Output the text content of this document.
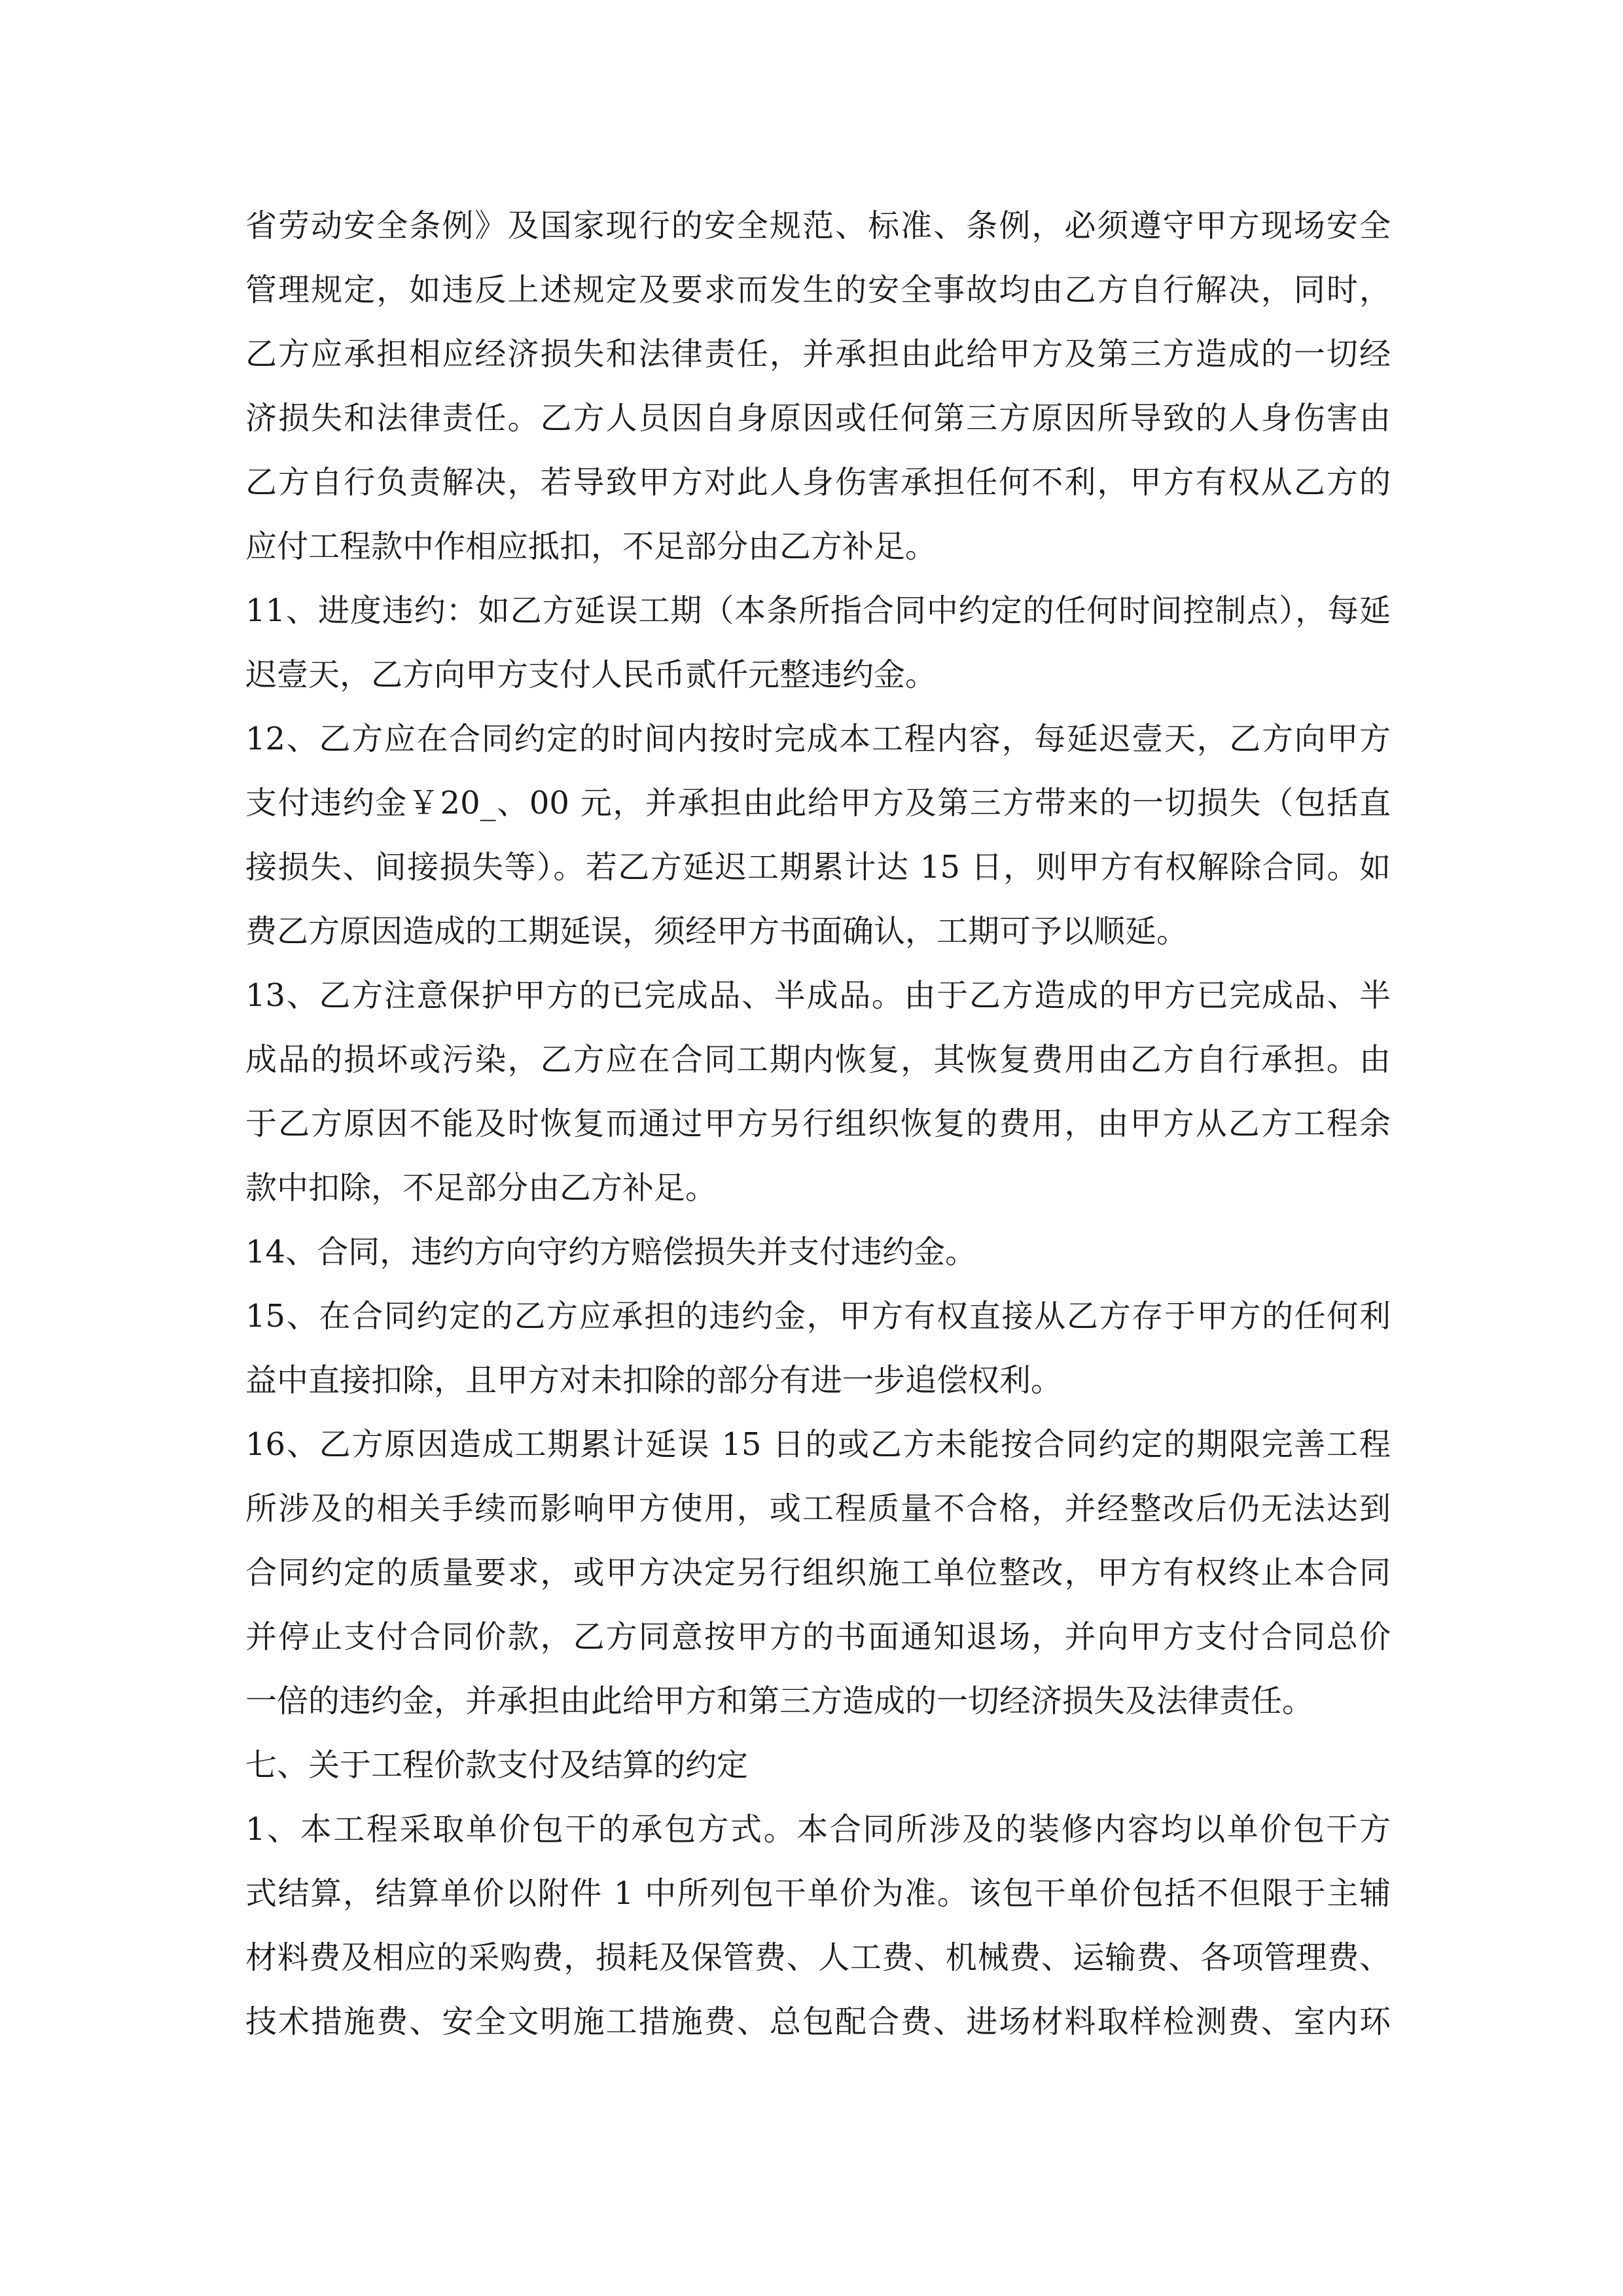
省劳动安全条例》及国家现行的安全规范、标准、条例，必须遵守甲方现场安全
管理规定，如违反上述规定及要求而发生的安全事故均由乙方自行解决，同时，
乙方应承担相应经济损失和法律责任，并承担由此给甲方及第三方造成的一切经
济损失和法律责任。乙方人员因自身原因或任何第三方原因所导致的人身伤害由
乙方自行负责解决，若导致甲方对此人身伤害承担任何不利，甲方有权从乙方的
应付工程款中作相应抵扣，不足部分由乙方补足。
11、进度违约：如乙方延误工期（本条所指合同中约定的任何时间控制点），每延
迟壹天，乙方向甲方支付人民币贰仟元整违约金。
12、乙方应在合同约定的时间内按时完成本工程内容，每延迟壹天，乙方向甲方
支付违约金￥20_、00 元，并承担由此给甲方及第三方带来的一切损失（包括直
接损失、间接损失等）。若乙方延迟工期累计达 15 日，则甲方有权解除合同。如
费乙方原因造成的工期延误，须经甲方书面确认，工期可予以顺延。
13、乙方注意保护甲方的已完成品、半成品。由于乙方造成的甲方已完成品、半
成品的损坏或污染，乙方应在合同工期内恢复，其恢复费用由乙方自行承担。由
于乙方原因不能及时恢复而通过甲方另行组织恢复的费用，由甲方从乙方工程余
款中扣除，不足部分由乙方补足。
14、合同，违约方向守约方赔偿损失并支付违约金。
15、在合同约定的乙方应承担的违约金，甲方有权直接从乙方存于甲方的任何利
益中直接扣除，且甲方对未扣除的部分有进一步追偿权利。
16、乙方原因造成工期累计延误 15 日的或乙方未能按合同约定的期限完善工程
所涉及的相关手续而影响甲方使用，或工程质量不合格，并经整改后仍无法达到
合同约定的质量要求，或甲方决定另行组织施工单位整改，甲方有权终止本合同
并停止支付合同价款，乙方同意按甲方的书面通知退场，并向甲方支付合同总价
一倍的违约金，并承担由此给甲方和第三方造成的一切经济损失及法律责任。
七、关于工程价款支付及结算的约定
1、本工程采取单价包干的承包方式。本合同所涉及的装修内容均以单价包干方
式结算，结算单价以附件 1 中所列包干单价为准。该包干单价包括不但限于主辅
材料费及相应的采购费，损耗及保管费、人工费、机械费、运输费、各项管理费、
技术措施费、安全文明施工措施费、总包配合费、进场材料取样检测费、室内环
